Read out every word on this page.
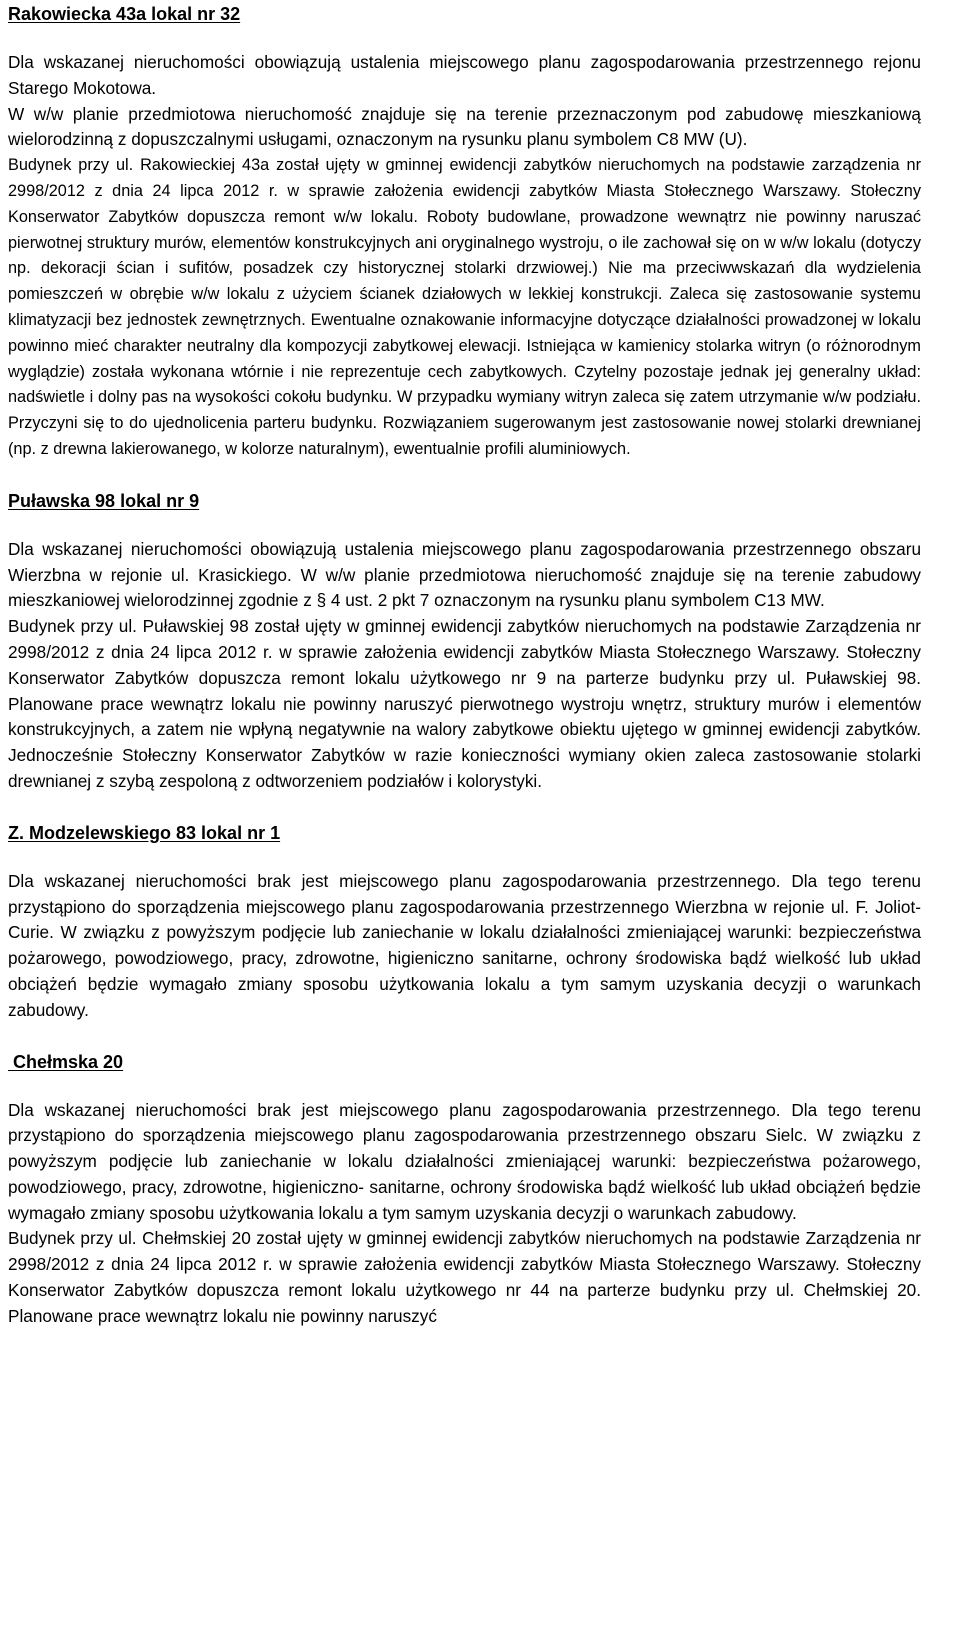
Rakowiecka 43a lokal nr 32

Dla wskazanej nieruchomości obowiązują ustalenia miejscowego planu zagospodarowania przestrzennego rejonu Starego Mokotowa.

W w/w planie przedmiotowa nieruchomość znajduje się na terenie przeznaczonym pod zabudowę mieszkaniową wielorodzinną z dopuszczalnymi usługami, oznaczonym na rysunku planu symbolem C8 MW (U).

Budynek przy ul. Rakowieckiej 43a został ujęty w gminnej ewidencji zabytków nieruchomych na podstawie zarządzenia nr 2998/2012 z dnia 24 lipca 2012 r. w sprawie założenia ewidencji zabytków Miasta Stołecznego Warszawy. Stołeczny Konserwator Zabytków dopuszcza remont w/w lokalu. Roboty budowlane, prowadzone wewnątrz nie powinny naruszać pierwotnej struktury murów, elementów konstrukcyjnych ani oryginalnego wystroju, o ile zachował się on w w/w lokalu (dotyczy np. dekoracji ścian i sufitów, posadzek czy historycznej stolarki drzwiowej.) Nie ma przeciwwskazań dla wydzielenia pomieszczeń w obrębie w/w lokalu z użyciem ścianek działowych w lekkiej konstrukcji. Zaleca się zastosowanie systemu klimatyzacji bez jednostek zewnętrznych. Ewentualne oznakowanie informacyjne dotyczące działalności prowadzonej w lokalu powinno mieć charakter neutralny dla kompozycji zabytkowej elewacji. Istniejąca w kamienicy stolarka witryn (o różnorodnym wyglądzie) została wykonana wtórnie i nie reprezentuje cech zabytkowych. Czytelny pozostaje jednak jej generalny układ: nadświetle i dolny pas na wysokości cokołu budynku. W przypadku wymiany witryn zaleca się zatem utrzymanie w/w podziału. Przyczyni się to do ujednolicenia parteru budynku. Rozwiązaniem sugerowanym jest zastosowanie nowej stolarki drewnianej (np. z drewna lakierowanego, w kolorze naturalnym), ewentualnie profili aluminiowych.

Puławska 98 lokal nr 9

Dla wskazanej nieruchomości obowiązują ustalenia miejscowego planu zagospodarowania przestrzennego obszaru Wierzbna w rejonie ul. Krasickiego. W w/w planie przedmiotowa nieruchomość znajduje się na terenie zabudowy mieszkaniowej wielorodzinnej zgodnie z § 4 ust. 2 pkt 7 oznaczonym na rysunku planu symbolem C13 MW.

Budynek przy ul. Puławskiej 98 został ujęty w gminnej ewidencji zabytków nieruchomych na podstawie Zarządzenia nr 2998/2012 z dnia 24 lipca 2012 r. w sprawie założenia ewidencji zabytków Miasta Stołecznego Warszawy. Stołeczny Konserwator Zabytków dopuszcza remont lokalu użytkowego nr 9 na parterze budynku przy ul. Puławskiej 98. Planowane prace wewnątrz lokalu nie powinny naruszyć pierwotnego wystroju wnętrz, struktury murów i elementów konstrukcyjnych, a zatem nie wpłyną negatywnie na walory zabytkowe obiektu ujętego w gminnej ewidencji zabytków. Jednocześnie Stołeczny Konserwator Zabytków w razie konieczności wymiany okien zaleca zastosowanie stolarki drewnianej z szybą zespoloną z odtworzeniem podziałów i kolorystyki.

Z. Modzelewskiego 83 lokal nr 1

Dla wskazanej nieruchomości brak jest miejscowego planu zagospodarowania przestrzennego. Dla tego terenu przystąpiono do sporządzenia miejscowego planu zagospodarowania przestrzennego Wierzbna w rejonie ul. F. Joliot- Curie. W związku z powyższym podjęcie lub zaniechanie w lokalu działalności zmieniającej warunki: bezpieczeństwa pożarowego, powodziowego, pracy, zdrowotne, higieniczno sanitarne, ochrony środowiska bądź wielkość lub układ obciążeń będzie wymagało zmiany sposobu użytkowania lokalu a tym samym uzyskania decyzji o warunkach zabudowy.

Chełmska 20

Dla wskazanej nieruchomości brak jest miejscowego planu zagospodarowania przestrzennego. Dla tego terenu przystąpiono do sporządzenia miejscowego planu zagospodarowania przestrzennego obszaru Sielc. W związku z powyższym podjęcie lub zaniechanie w lokalu działalności zmieniającej warunki: bezpieczeństwa pożarowego, powodziowego, pracy, zdrowotne, higieniczno- sanitarne, ochrony środowiska bądź wielkość lub układ obciążeń będzie wymagało zmiany sposobu użytkowania lokalu a tym samym uzyskania decyzji o warunkach zabudowy.

Budynek przy ul. Chełmskiej 20 został ujęty w gminnej ewidencji zabytków nieruchomych na podstawie Zarządzenia nr 2998/2012 z dnia 24 lipca 2012 r. w sprawie założenia ewidencji zabytków Miasta Stołecznego Warszawy. Stołeczny Konserwator Zabytków dopuszcza remont lokalu użytkowego nr 44 na parterze budynku przy ul. Chełmskiej 20. Planowane prace wewnątrz lokalu nie powinny naruszyć
